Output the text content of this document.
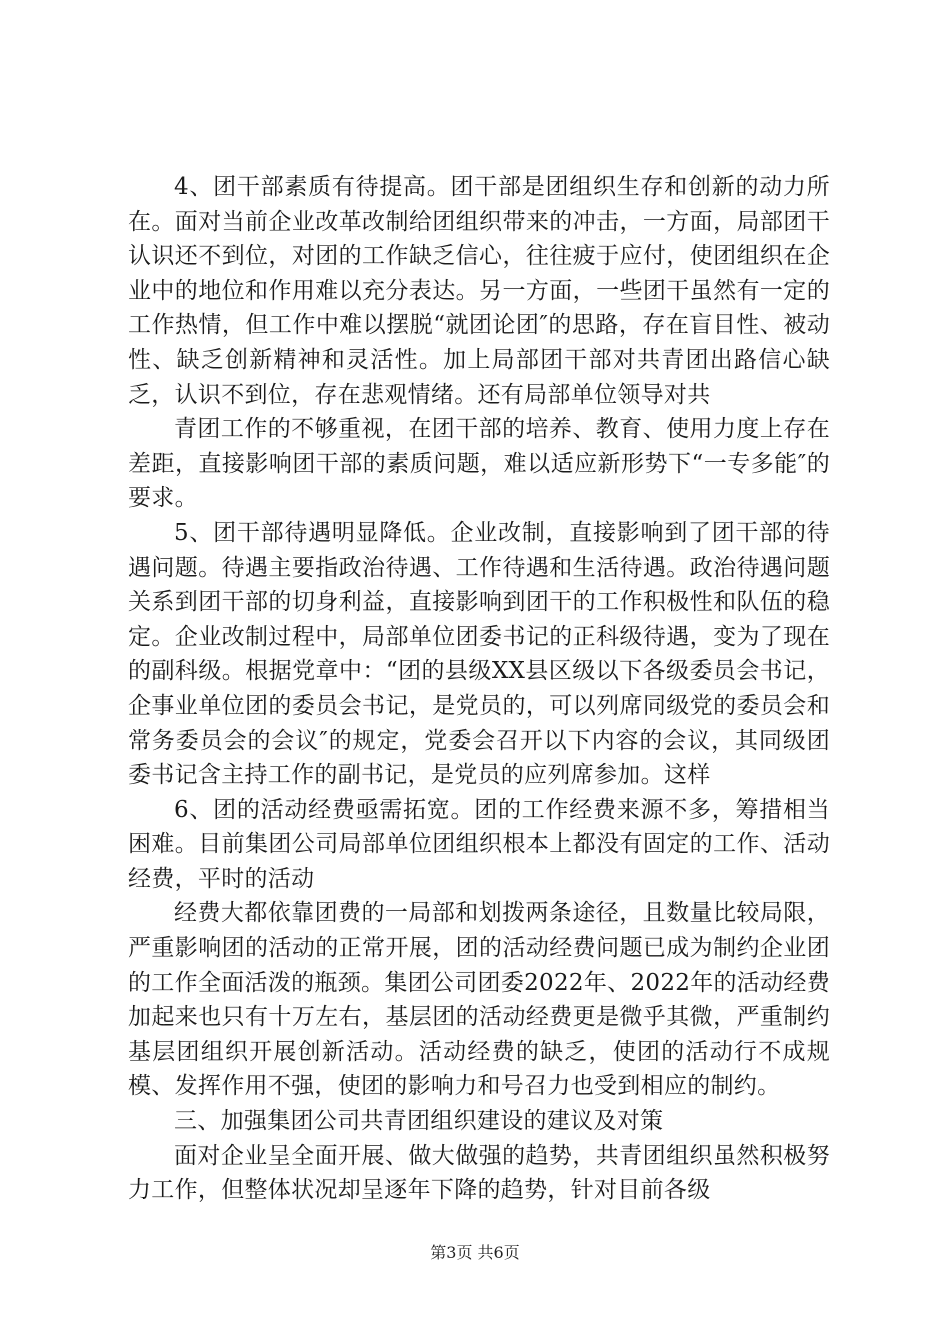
4、团干部素质有待提高。团干部是团组织生存和创新的动力所在。面对当前企业改革改制给团组织带来的冲击，一方面，局部团干认识还不到位，对团的工作缺乏信心，往往疲于应付，使团组织在企业中的地位和作用难以充分表达。另一方面，一些团干虽然有一定的工作热情，但工作中难以摆脱“就团论团″的思路，存在盲目性、被动性、缺乏创新精神和灵活性。加上局部团干部对共青团出路信心缺乏，认识不到位，存在悲观情绪。还有局部单位领导对共

青团工作的不够重视，在团干部的培养、教育、使用力度上存在差距，直接影响团干部的素质问题，难以适应新形势下“一专多能″的要求。

5、团干部待遇明显降低。企业改制，直接影响到了团干部的待遇问题。待遇主要指政治待遇、工作待遇和生活待遇。政治待遇问题关系到团干部的切身利益，直接影响到团干的工作积极性和队伍的稳定。企业改制过程中，局部单位团委书记的正科级待遇，变为了现在的副科级。根据党章中：“团的县级XX县区级以下各级委员会书记，企事业单位团的委员会书记，是党员的，可以列席同级党的委员会和常务委员会的会议″的规定，党委会召开以下内容的会议，其同级团委书记含主持工作的副书记，是党员的应列席参加。这样

6、团的活动经费亟需拓宽。团的工作经费来源不多，筹措相当困难。目前集团公司局部单位团组织根本上都没有固定的工作、活动经费，平时的活动

经费大都依靠团费的一局部和划拨两条途径，且数量比较局限，严重影响团的活动的正常开展，团的活动经费问题已成为制约企业团的工作全面活泼的瓶颈。集团公司团委2022年、2022年的活动经费加起来也只有十万左右，基层团的活动经费更是微乎其微，严重制约基层团组织开展创新活动。活动经费的缺乏，使团的活动行不成规模、发挥作用不强，使团的影响力和号召力也受到相应的制约。

三、加强集团公司共青团组织建设的建议及对策

面对企业呈全面开展、做大做强的趋势，共青团组织虽然积极努力工作，但整体状况却呈逐年下降的趋势，针对目前各级

第3页 共6页
